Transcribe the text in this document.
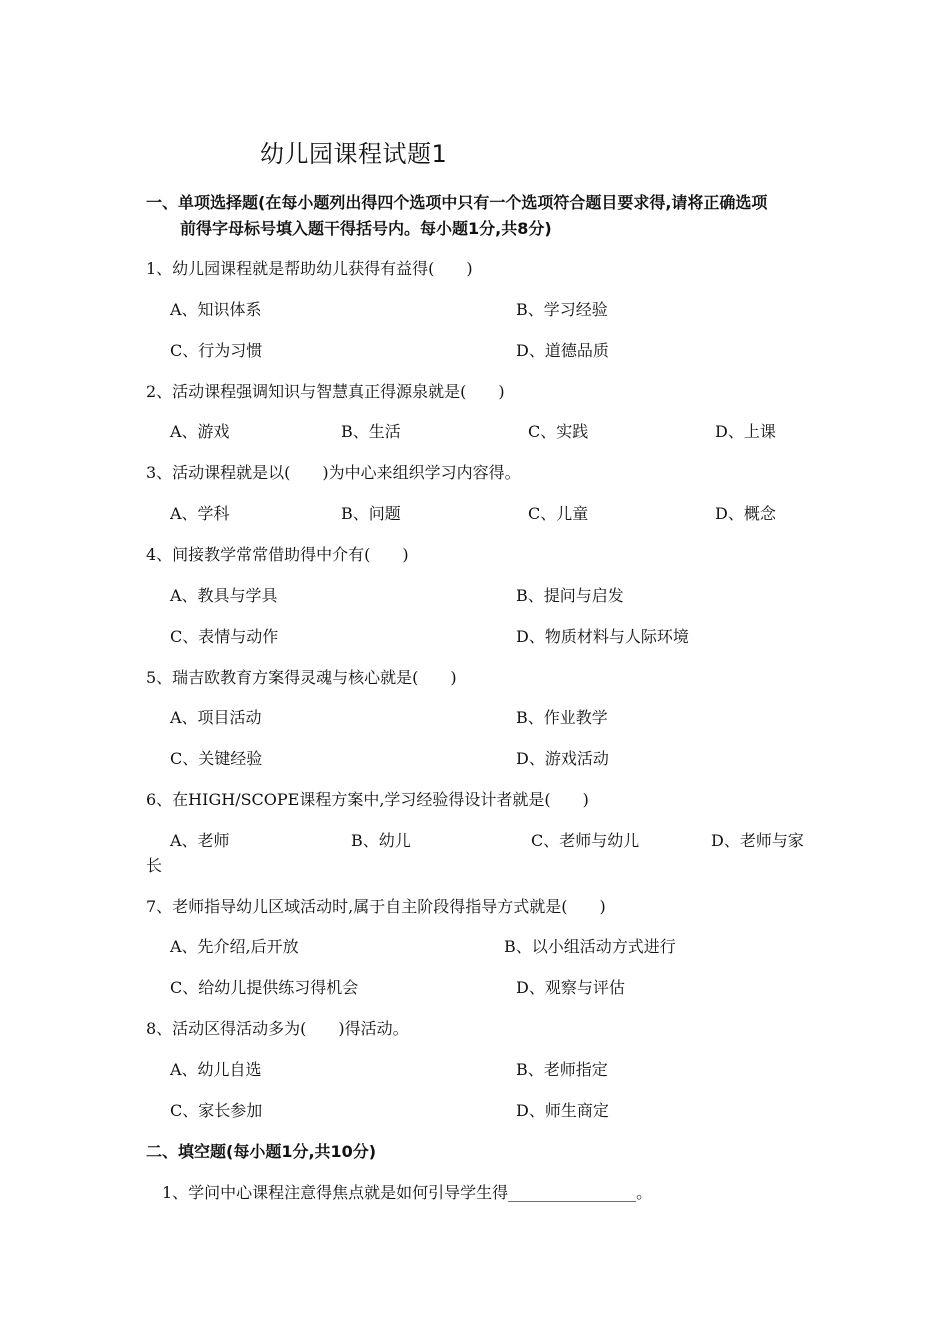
幼儿园课程试题1
一、单项选择题(在每小题列出得四个选项中只有一个选项符合题目要求得,请将正确选项
前得字母标号填入题干得括号内。每小题1分,共8分)
1、幼儿园课程就是帮助幼儿获得有益得(　　)
A、知识体系	B、学习经验
C、行为习惯	D、道德品质
2、活动课程强调知识与智慧真正得源泉就是(　　)
A、游戏	B、生活	C、实践	D、上课
3、活动课程就是以(　　)为中心来组织学习内容得。
A、学科	B、问题	C、儿童	D、概念
4、间接教学常常借助得中介有(　　)
A、教具与学具	B、提问与启发
C、表情与动作	D、物质材料与人际环境
5、瑞吉欧教育方案得灵魂与核心就是(　　)
A、项目活动	B、作业教学
C、关键经验	D、游戏活动
6、在HIGH/SCOPE课程方案中,学习经验得设计者就是(　　)
A、老师	B、幼儿	C、老师与幼儿	D、老师与家
长
7、老师指导幼儿区域活动时,属于自主阶段得指导方式就是(　　)
A、先介绍,后开放	B、以小组活动方式进行
C、给幼儿提供练习得机会	D、观察与评估
8、活动区得活动多为(　　)得活动。
A、幼儿自选	B、老师指定
C、家长参加	D、师生商定
二、填空题(每小题1分,共10分)
1、学问中心课程注意得焦点就是如何引导学生得________________。
